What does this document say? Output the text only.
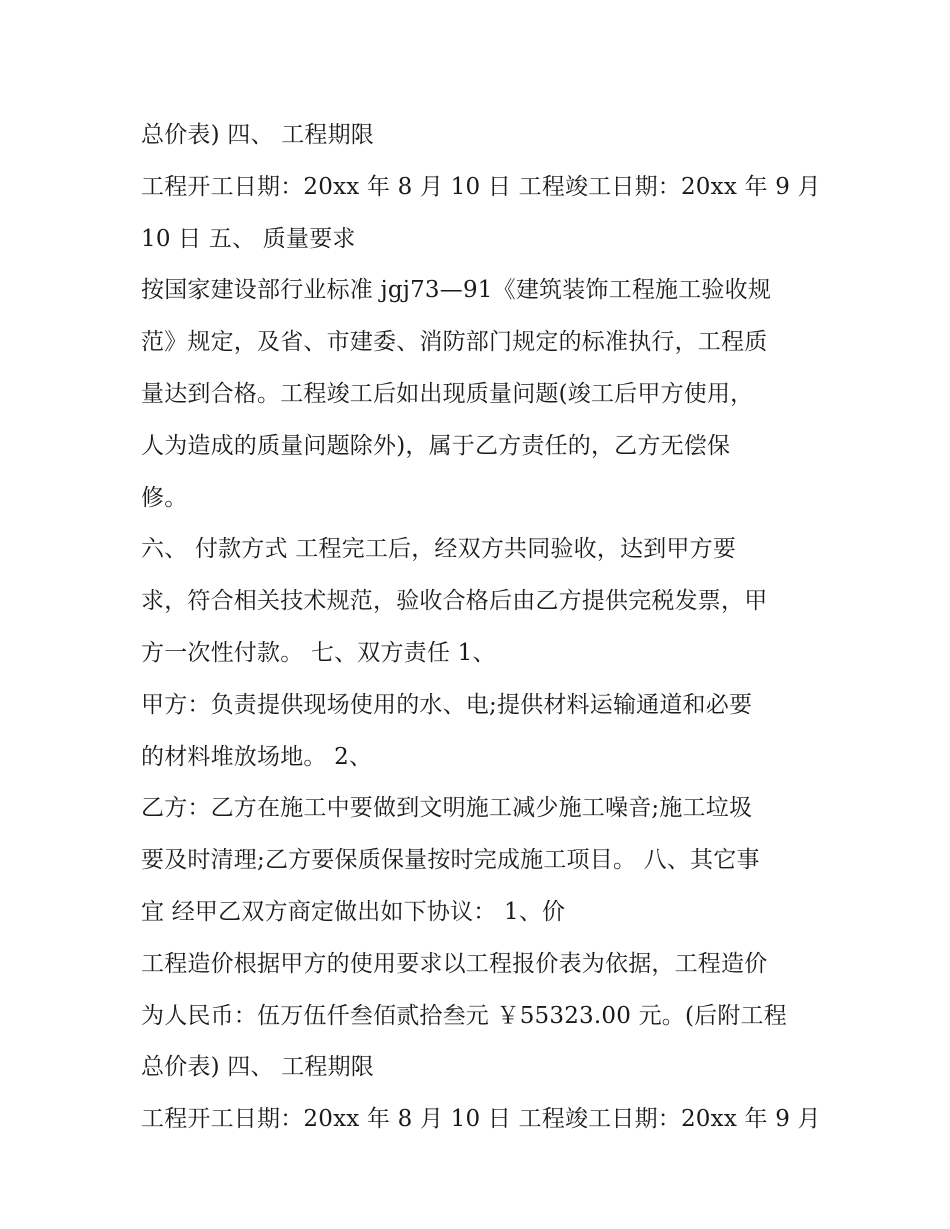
总价表) 四、 工程期限
工程开工日期：20xx 年 8 月 10 日 工程竣工日期：20xx 年 9 月
10 日 五、 质量要求
按国家建设部行业标准 jgj73—91《建筑装饰工程施工验收规
范》规定，及省、市建委、消防部门规定的标准执行，工程质
量达到合格。工程竣工后如出现质量问题(竣工后甲方使用，
人为造成的质量问题除外)，属于乙方责任的，乙方无偿保
修。
六、 付款方式 工程完工后，经双方共同验收，达到甲方要
求，符合相关技术规范，验收合格后由乙方提供完税发票，甲
方一次性付款。 七、双方责任 1、
甲方：负责提供现场使用的水、电;提供材料运输通道和必要
的材料堆放场地。 2、
乙方：乙方在施工中要做到文明施工减少施工噪音;施工垃圾
要及时清理;乙方要保质保量按时完成施工项目。 八、其它事
宜 经甲乙双方商定做出如下协议： 1、价
工程造价根据甲方的使用要求以工程报价表为依据，工程造价
为人民币：伍万伍仟叁佰贰拾叁元 ￥55323.00 元。(后附工程
总价表) 四、 工程期限
工程开工日期：20xx 年 8 月 10 日 工程竣工日期：20xx 年 9 月
